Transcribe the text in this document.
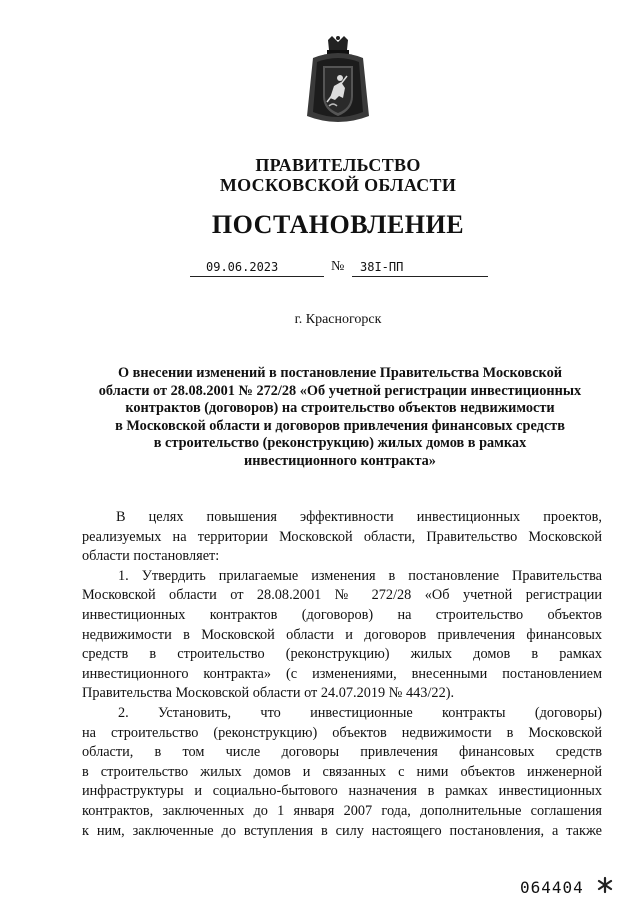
ПРАВИТЕЛЬСТВО
МОСКОВСКОЙ ОБЛАСТИ
ПОСТАНОВЛЕНИЕ
09.06.2023	№	38I-ПП
г. Красногорск
О внесении изменений в постановление Правительства Московской
области от 28.08.2001 № 272/28 «Об учетной регистрации инвестиционных
контрактов (договоров) на строительство объектов недвижимости
в Московской области и договоров привлечения финансовых средств
в строительство (реконструкцию) жилых домов в рамках
инвестиционного контракта»
В целях повышения эффективности инвестиционных проектов,
реализуемых на территории Московской области, Правительство Московской
области постановляет:
1. Утвердить прилагаемые изменения в постановление Правительства
Московской области от 28.08.2001 № 272/28 «Об учетной регистрации
инвестиционных контрактов (договоров) на строительство объектов
недвижимости в Московской области и договоров привлечения финансовых
средств в строительство (реконструкцию) жилых домов в рамках
инвестиционного контракта» (с изменениями, внесенными постановлением
Правительства Московской области от 24.07.2019 № 443/22).
2. Установить, что инвестиционные контракты (договоры)
на строительство (реконструкцию) объектов недвижимости в Московской
области, в том числе договоры привлечения финансовых средств
в строительство жилых домов и связанных с ними объектов инженерной
инфраструктуры и социально-бытового назначения в рамках инвестиционных
контрактов, заключенных до 1 января 2007 года, дополнительные соглашения
к ним, заключенные до вступления в силу настоящего постановления, а также
064404
